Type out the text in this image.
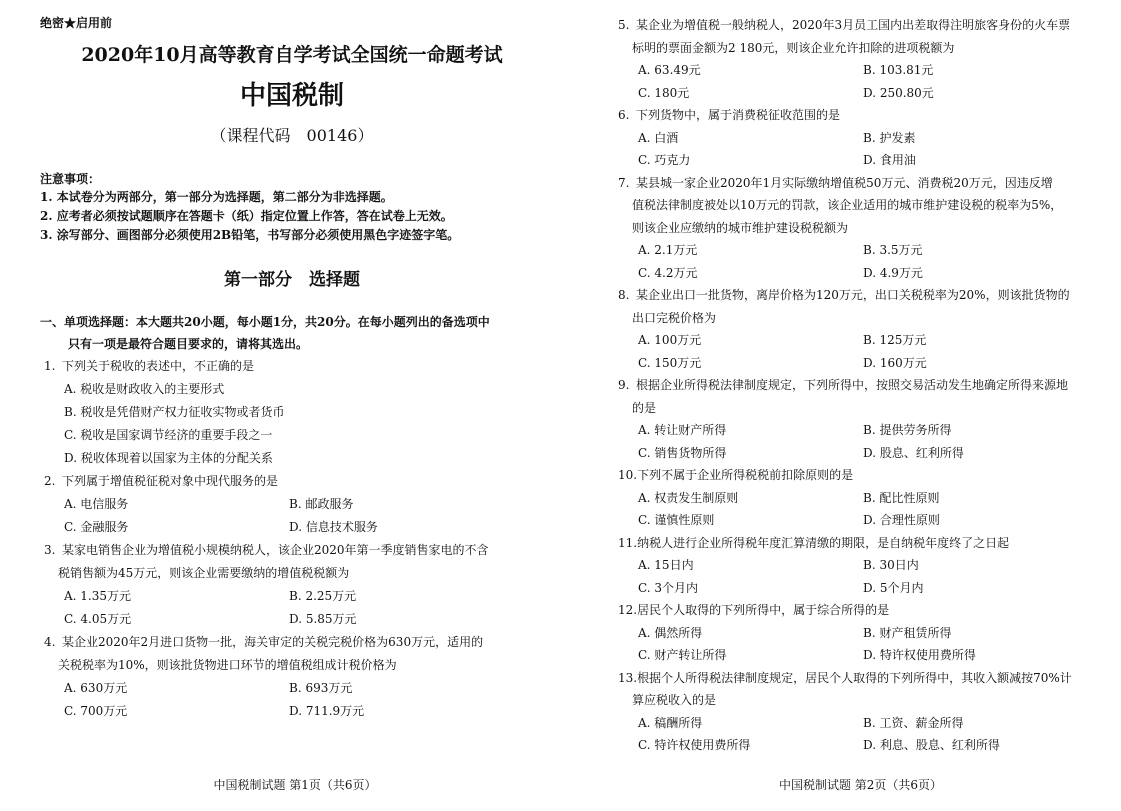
绝密★启用前
2020年10月高等教育自学考试全国统一命题考试
中国税制
（课程代码　00146）
注意事项：
1. 本试卷分为两部分，第一部分为选择题，第二部分为非选择题。
2. 应考者必须按试题顺序在答题卡（纸）指定位置上作答，答在试卷上无效。
3. 涂写部分、画图部分必须使用2B铅笔，书写部分必须使用黑色字迹签字笔。
第一部分　选择题
一、单项选择题：本大题共20小题，每小题1分，共20分。在每小题列出的备选项中
只有一项是最符合题目要求的，请将其选出。
1. 下列关于税收的表述中，不正确的是
A. 税收是财政收入的主要形式
B. 税收是凭借财产权力征收实物或者货币
C. 税收是国家调节经济的重要手段之一
D. 税收体现着以国家为主体的分配关系
2. 下列属于增值税征税对象中现代服务的是
A. 电信服务	B. 邮政服务
C. 金融服务	D. 信息技术服务
3. 某家电销售企业为增值税小规模纳税人，该企业2020年第一季度销售家电的不含
税销售额为45万元，则该企业需要缴纳的增值税税额为
A. 1.35万元	B. 2.25万元
C. 4.05万元	D. 5.85万元
4. 某企业2020年2月进口货物一批，海关审定的关税完税价格为630万元，适用的
关税税率为10%，则该批货物进口环节的增值税组成计税价格为
A. 630万元	B. 693万元
C. 700万元	D. 711.9万元
中国税制试题 第1页（共6页）
5. 某企业为增值税一般纳税人，2020年3月员工国内出差取得注明旅客身份的火车票
标明的票面金额为2 180元，则该企业允许扣除的进项税额为
A. 63.49元	B. 103.81元
C. 180元	D. 250.80元
6. 下列货物中，属于消费税征收范围的是
A. 白酒	B. 护发素
C. 巧克力	D. 食用油
7. 某县城一家企业2020年1月实际缴纳增值税50万元、消费税20万元，因违反增
值税法律制度被处以10万元的罚款，该企业适用的城市维护建设税的税率为5%，
则该企业应缴纳的城市维护建设税税额为
A. 2.1万元	B. 3.5万元
C. 4.2万元	D. 4.9万元
8. 某企业出口一批货物，离岸价格为120万元，出口关税税率为20%，则该批货物的
出口完税价格为
A. 100万元	B. 125万元
C. 150万元	D. 160万元
9. 根据企业所得税法律制度规定，下列所得中，按照交易活动发生地确定所得来源地
的是
A. 转让财产所得	B. 提供劳务所得
C. 销售货物所得	D. 股息、红利所得
10.下列不属于企业所得税税前扣除原则的是
A. 权责发生制原则	B. 配比性原则
C. 谨慎性原则	D. 合理性原则
11.纳税人进行企业所得税年度汇算清缴的期限，是自纳税年度终了之日起
A. 15日内	B. 30日内
C. 3个月内	D. 5个月内
12.居民个人取得的下列所得中，属于综合所得的是
A. 偶然所得	B. 财产租赁所得
C. 财产转让所得	D. 特许权使用费所得
13.根据个人所得税法律制度规定，居民个人取得的下列所得中，其收入额减按70%计
算应税收入的是
A. 稿酬所得	B. 工资、薪金所得
C. 特许权使用费所得	D. 利息、股息、红利所得
中国税制试题 第2页（共6页）
